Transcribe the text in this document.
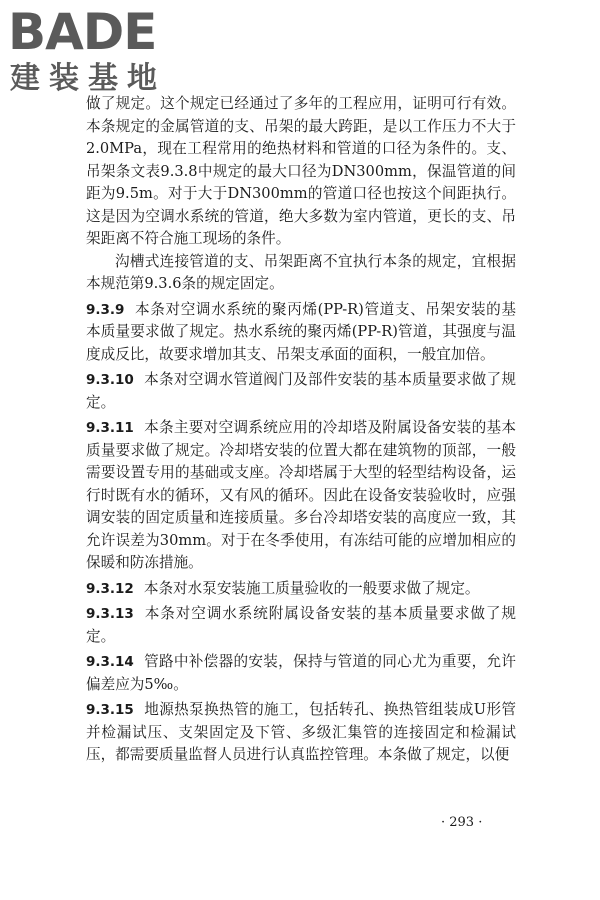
BADE
建装基地

做了规定。这个规定已经通过了多年的工程应用，证明可行有效。本条规定的金属管道的支、吊架的最大跨距，是以工作压力不大于2.0MPa，现在工程常用的绝热材料和管道的口径为条件的。支、吊架条文表9.3.8中规定的最大口径为DN300mm，保温管道的间距为9.5m。对于大于DN300mm的管道口径也按这个间距执行。这是因为空调水系统的管道，绝大多数为室内管道，更长的支、吊架距离不符合施工现场的条件。

沟槽式连接管道的支、吊架距离不宜执行本条的规定，宜根据本规范第9.3.6条的规定固定。

9.3.9 本条对空调水系统的聚丙烯(PP-R)管道支、吊架安装的基本质量要求做了规定。热水系统的聚丙烯(PP-R)管道，其强度与温度成反比，故要求增加其支、吊架支承面的面积，一般宜加倍。

9.3.10 本条对空调水管道阀门及部件安装的基本质量要求做了规定。

9.3.11 本条主要对空调系统应用的冷却塔及附属设备安装的基本质量要求做了规定。冷却塔安装的位置大都在建筑物的顶部，一般需要设置专用的基础或支座。冷却塔属于大型的轻型结构设备，运行时既有水的循环，又有风的循环。因此在设备安装验收时，应强调安装的固定质量和连接质量。多台冷却塔安装的高度应一致，其允许误差为30mm。对于在冬季使用，有冻结可能的应增加相应的保暖和防冻措施。

9.3.12 本条对水泵安装施工质量验收的一般要求做了规定。

9.3.13 本条对空调水系统附属设备安装的基本质量要求做了规定。

9.3.14 管路中补偿器的安装，保持与管道的同心尤为重要，允许偏差应为5‰。

9.3.15 地源热泵换热管的施工，包括转孔、换热管组装成U形管并检漏试压、支架固定及下管、多级汇集管的连接固定和检漏试压，都需要质量监督人员进行认真监控管理。本条做了规定，以便

· 293 ·
